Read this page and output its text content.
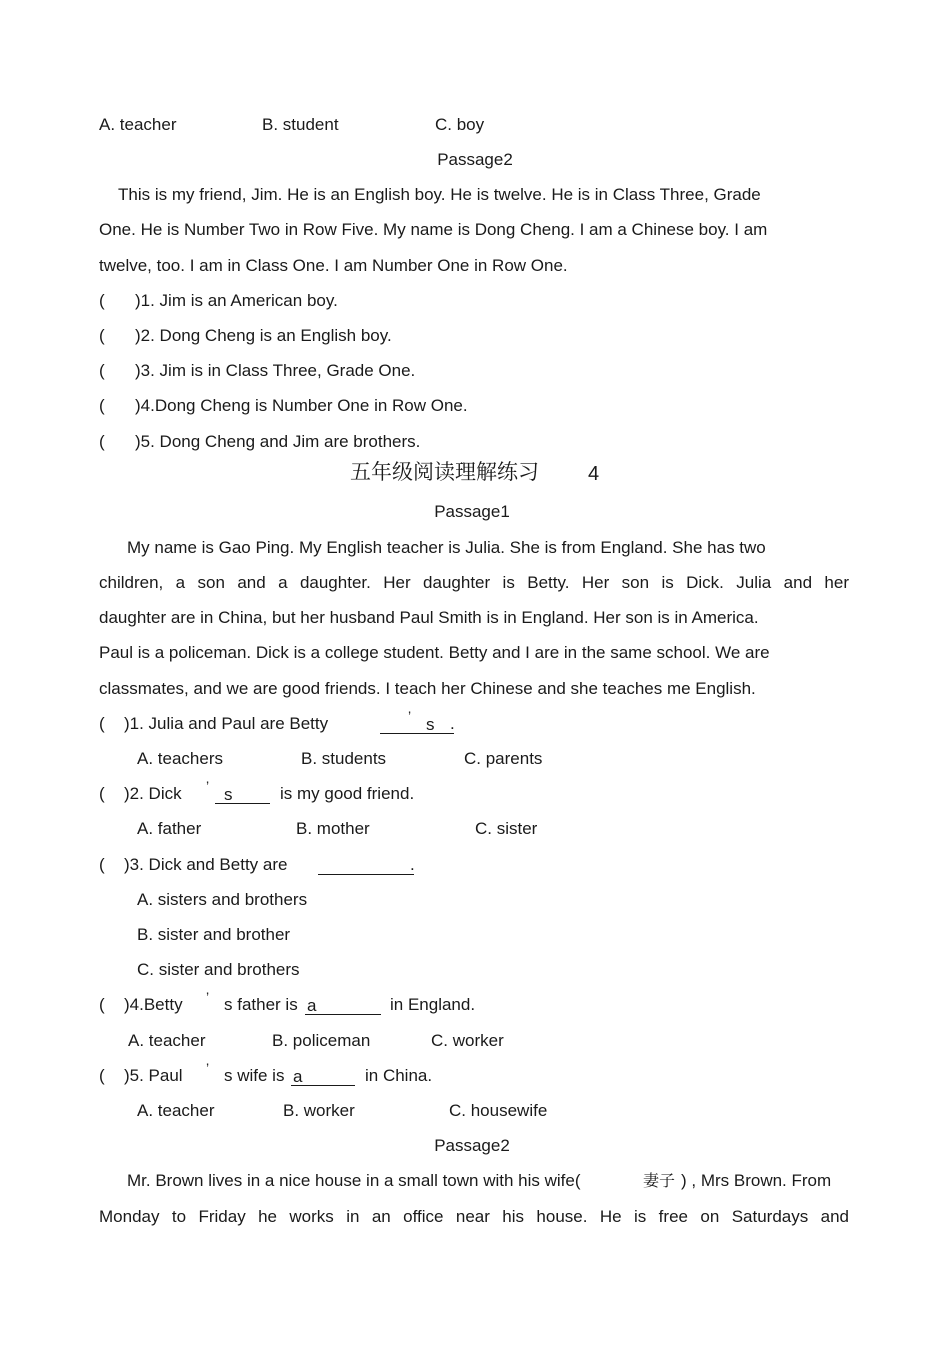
A. teacher	B. student	C. boy
Passage2
This is my friend, Jim. He is an English boy. He is twelve. He is in Class Three, Grade
One. He is Number Two in Row Five. My name is Dong Cheng. I am a Chinese boy. I am
twelve, too. I am in Class One. I am Number One in Row One.
( )1. Jim is an American boy.
( )2. Dong Cheng is an English boy.
( )3. Jim is in Class Three, Grade One.
( )4.Dong Cheng is Number One in Row One.
( )5. Dong Cheng and Jim are brothers.
五年级阅读理解练习 4
Passage1
My name is Gao Ping. My English teacher is Julia. She is from England. She has two
children, a son and a daughter. Her daughter is Betty. Her son is Dick. Julia and her
daughter are in China, but her husband Paul Smith is in England. Her son is in America.
Paul is a policeman. Dick is a college student. Betty and I are in the same school. We are
classmates, and we are good friends. I teach her Chinese and she teaches me English.
( )1. Julia and Paul are Betty	’ s .
A. teachers	B. students	C. parents
( )2. Dick ’ s	is my good friend.
A. father	B. mother	C. sister
( )3. Dick and Betty are
	.
A. sisters and brothers
B. sister and brother
C. sister and brothers
( )4.Betty ’ s father is a	in England.
A. teacher	B. policeman	C. worker
( )5. Paul ’ s wife is a	in China.
A. teacher	B. worker	C. housewife
Passage2
Mr. Brown lives in a nice house in a small town with his wife(	妻子 ) , Mrs Brown. From
Monday to Friday he works in an office near his house. He is free on Saturdays and
